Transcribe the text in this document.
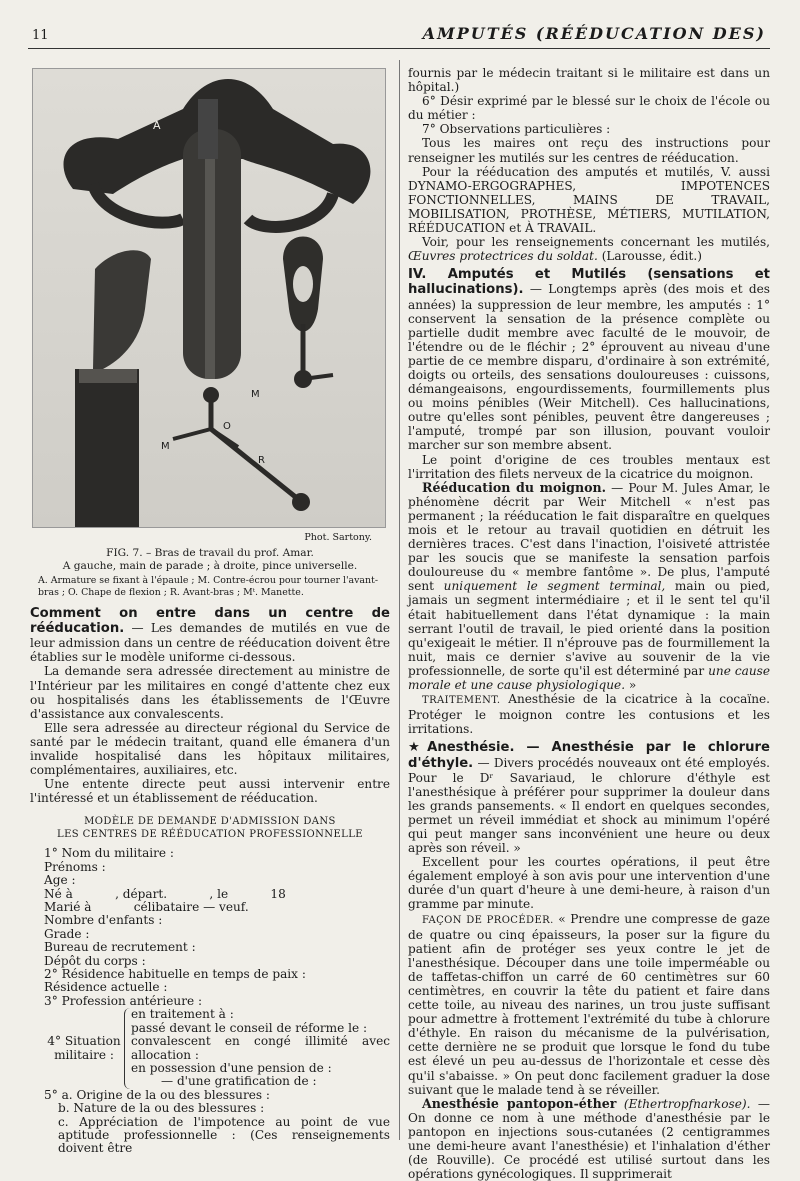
11	AMPUTÉS (RÉÉDUCATION DES)
A
M
O
R
M
Phot. Sartony.
FIG. 7. – Bras de travail du prof. Amar.
A gauche, main de parade ; à droite, pince universelle.
A. Armature se fixant à l'épaule ; M. Contre-écrou pour tourner l'avant-bras ; O. Chape de flexion ; R. Avant-bras ; Mᵗ. Manette.

Comment on entre dans un centre de rééducation. — Les demandes de mutilés en vue de leur admission dans un centre de rééducation doivent être établies sur le modèle uniforme ci-dessous.

La demande sera adressée directement au ministre de l'Intérieur par les militaires en congé d'attente chez eux ou hospitalisés dans les établissements de l'Œuvre d'assistance aux convalescents.

Elle sera adressée au directeur régional du Service de santé par le médecin traitant, quand elle émanera d'un invalide hospitalisé dans les hôpitaux militaires, complémentaires, auxiliaires, etc.

Une entente directe peut aussi intervenir entre l'intéressé et un établissement de rééducation.

MODÈLE DE DEMANDE D'ADMISSION DANS
LES CENTRES DE RÉÉDUCATION PROFESSIONNELLE
1° Nom du militaire :
Prénoms :
Age :
Né à           , départ.           , le           18
Marié à           célibataire — veuf.
Nombre d'enfants :
Grade :
Bureau de recrutement :
Dépôt du corps :
2° Résidence habituelle en temps de paix :
Résidence actuelle :
3° Profession antérieure :
4° Situation militaire :
en traitement à :
passé devant le conseil de réforme le :
convalescent en congé illimité avec allocation :
en possession d'une pension de :
— d'une gratification de :
5° a. Origine de la ou des blessures :
b. Nature de la ou des blessures :
c. Appréciation de l'impotence au point de vue aptitude professionnelle : (Ces renseignements doivent être

fournis par le médecin traitant si le militaire est dans un hôpital.)

6° Désir exprimé par le blessé sur le choix de l'école ou du métier :

7° Observations particulières :

Tous les maires ont reçu des instructions pour renseigner les mutilés sur les centres de rééducation.

Pour la rééducation des amputés et mutilés, V. aussi DYNAMO-ERGOGRAPHES, IMPOTENCES FONCTIONNELLES, MAINS DE TRAVAIL, MOBILISATION, PROTHÈSE, MÉTIERS, MUTILATION, RÉÉDUCATION et À TRAVAIL.

Voir, pour les renseignements concernant les mutilés, Œuvres protectrices du soldat. (Larousse, édit.)

IV. Amputés et Mutilés (sensations et hallucinations). — Longtemps après (des mois et des années) la suppression de leur membre, les amputés : 1° conservent la sensation de la présence complète ou partielle dudit membre avec faculté de le mouvoir, de l'étendre ou de le fléchir ; 2° éprouvent au niveau d'une partie de ce membre disparu, d'ordinaire à son extrémité, doigts ou orteils, des sensations douloureuses : cuissons, démangeaisons, engourdissements, fourmillements plus ou moins pénibles (Weir Mitchell). Ces hallucinations, outre qu'elles sont pénibles, peuvent être dangereuses ; l'amputé, trompé par son illusion, pouvant vouloir marcher sur son membre absent.

Le point d'origine de ces troubles mentaux est l'irritation des filets nerveux de la cicatrice du moignon.

Rééducation du moignon. — Pour M. Jules Amar, le phénomène décrit par Weir Mitchell « n'est pas permanent ; la rééducation le fait disparaître en quelques mois et le retour au travail quotidien en détruit les dernières traces. C'est dans l'inaction, l'oisiveté attristée par les soucis que se manifeste la sensation parfois douloureuse du « membre fantôme ». De plus, l'amputé sent uniquement le segment terminal, main ou pied, jamais un segment intermédiaire ; et il le sent tel qu'il était habituellement dans l'état dynamique : la main serrant l'outil de travail, le pied orienté dans la position qu'exigeait le métier. Il n'éprouve pas de fourmillement la nuit, mais ce dernier s'avive au souvenir de la vie professionnelle, de sorte qu'il est déterminé par une cause morale et une cause physiologique. »

TRAITEMENT. Anesthésie de la cicatrice à la cocaïne. Protéger le moignon contre les contusions et les irritations.

★Anesthésie. — Anesthésie par le chlorure d'éthyle. — Divers procédés nouveaux ont été employés. Pour le Dʳ Savariaud, le chlorure d'éthyle est l'anesthésique à préférer pour supprimer la douleur dans les grands pansements. « Il endort en quelques secondes, permet un réveil immédiat et shock au minimum l'opéré qui peut manger sans inconvénient une heure ou deux après son réveil. »

Excellent pour les courtes opérations, il peut être également employé à son avis pour une intervention d'une durée d'un quart d'heure à une demi-heure, à raison d'un gramme par minute.

FAÇON DE PROCÉDER. « Prendre une compresse de gaze de quatre ou cinq épaisseurs, la poser sur la figure du patient afin de protéger ses yeux contre le jet de l'anesthésique. Découper dans une toile imperméable ou de taffetas-chiffon un carré de 60 centimètres sur 60 centimètres, en couvrir la tête du patient et faire dans cette toile, au niveau des narines, un trou juste suffisant pour admettre à frottement l'extrémité du tube à chlorure d'éthyle. En raison du mécanisme de la pulvérisation, cette dernière ne se produit que lorsque le fond du tube est élevé un peu au-dessus de l'horizontale et cesse dès qu'il s'abaisse. » On peut donc facilement graduer la dose suivant que le malade tend à se réveiller.

Anesthésie pantopon-éther (Ethertropfnarkose). — On donne ce nom à une méthode d'anesthésie par le pantopon en injections sous-cutanées (2 centigrammes une demi-heure avant l'anesthésie) et l'inhalation d'éther (de Rouville). Ce procédé est utilisé surtout dans les opérations gynécologiques. Il supprimerait
